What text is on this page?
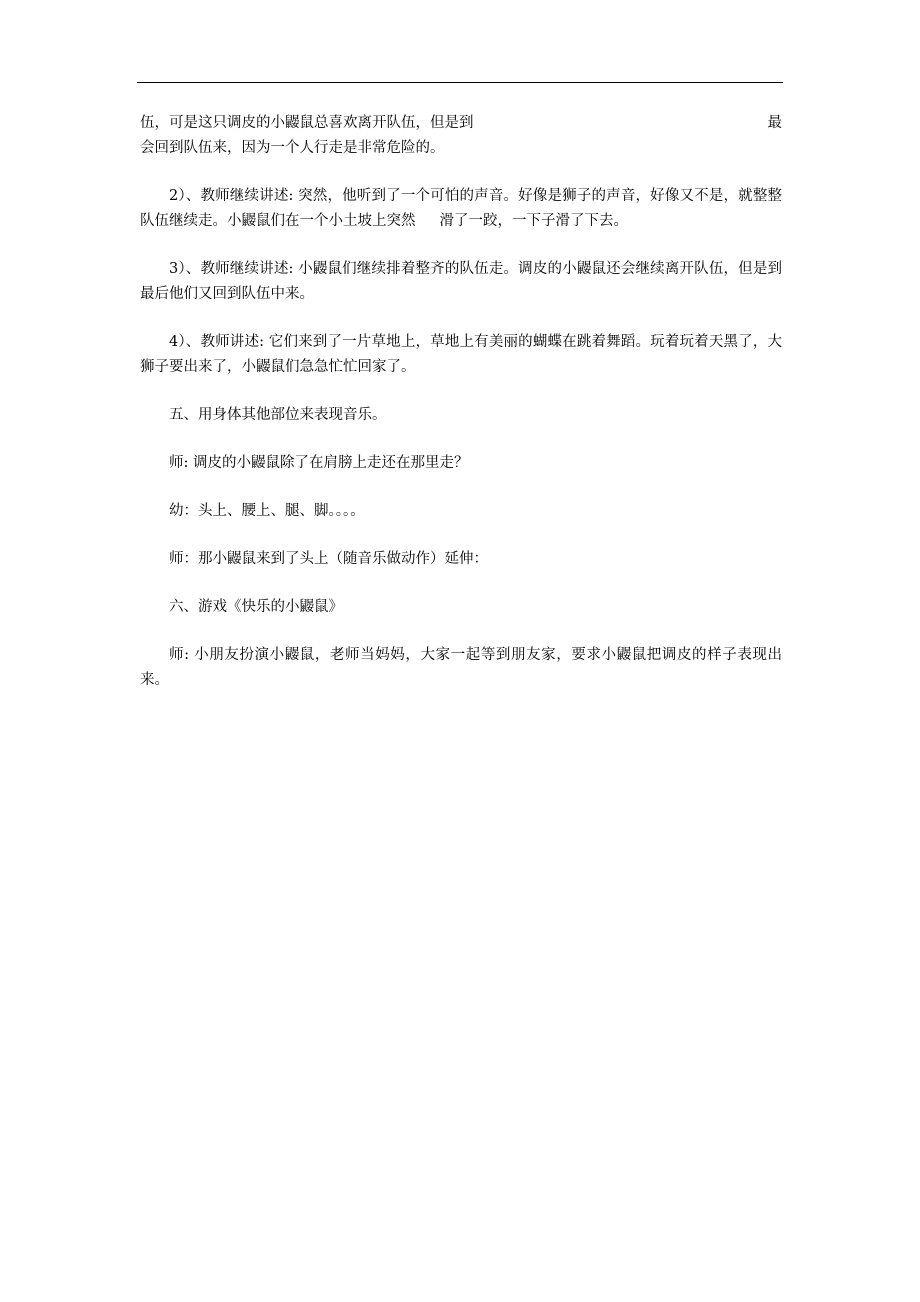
伍，可是这只调皮的小鼹鼠总喜欢离开队伍，但是到	最
会回到队伍来，因为一个人行走是非常危险的。

2）、教师继续讲述: 突然，他听到了一个可怕的声音。好像是狮子的声音，好像又不是，就整整队伍继续走。小鼹鼠们在一个小土坡上突然 滑了一跤，一下子滑了下去。

3）、教师继续讲述: 小鼹鼠们继续排着整齐的队伍走。调皮的小鼹鼠还会继续离开队伍，但是到最后他们又回到队伍中来。

4）、教师讲述: 它们来到了一片草地上，草地上有美丽的蝴蝶在跳着舞蹈。玩着玩着天黑了，大狮子要出来了，小鼹鼠们急急忙忙回家了。

五、用身体其他部位来表现音乐。

师: 调皮的小鼹鼠除了在肩膀上走还在那里走？

幼：头上、腰上、腿、脚。。。。

师：那小鼹鼠来到了头上（随音乐做动作）延伸：

六、游戏《快乐的小鼹鼠》

师: 小朋友扮演小鼹鼠，老师当妈妈，大家一起等到朋友家，要求小鼹鼠把调皮的样子表现出来。
